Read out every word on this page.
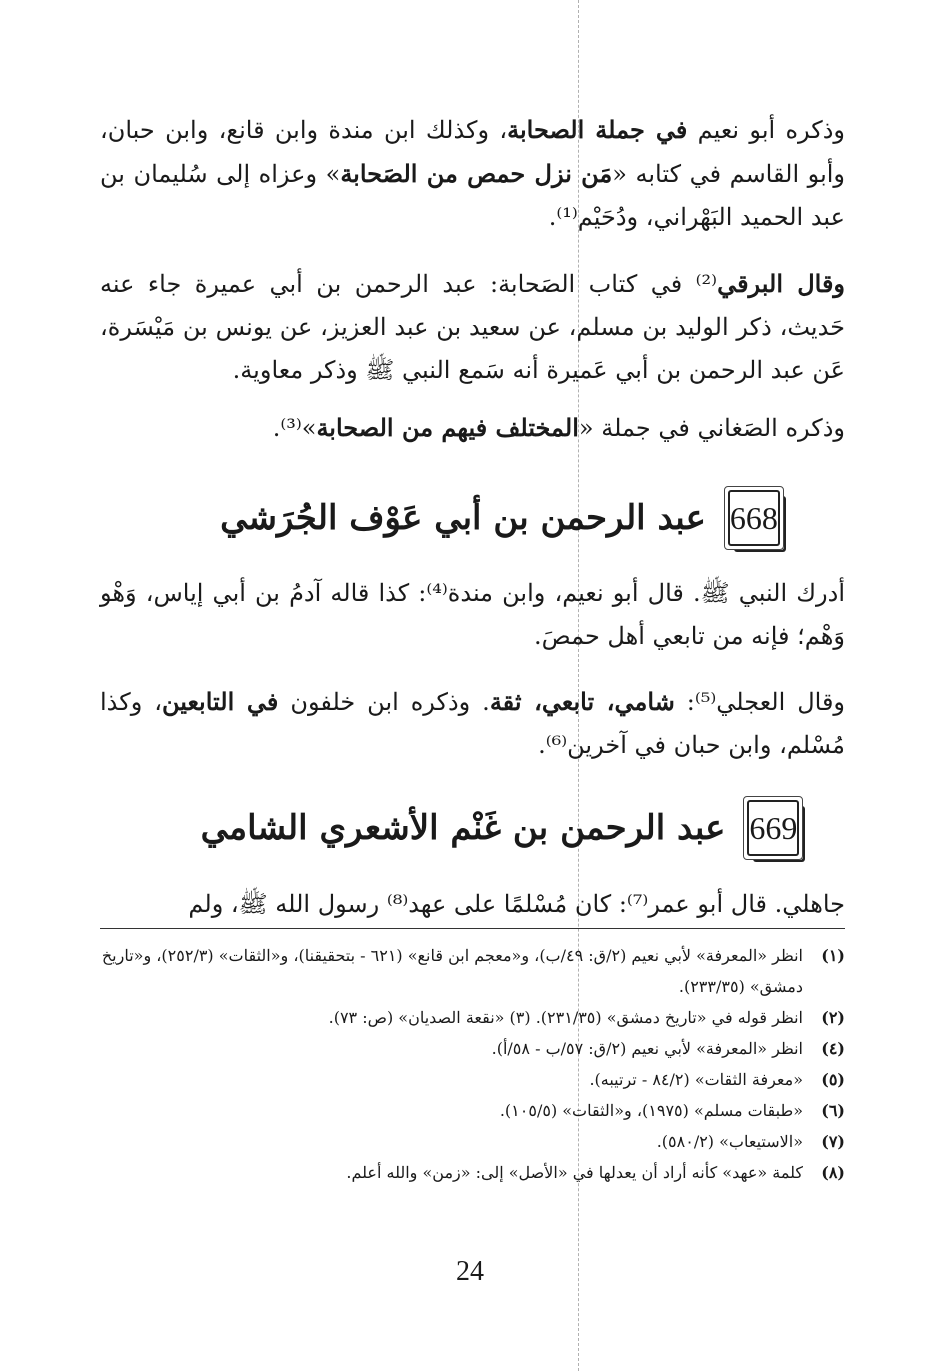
وذكره أبو نعيم في جملة الصحابة، وكذلك ابن مندة وابن قانع، وابن حبان، وأبو القاسم في كتابه «مَن نزل حمص من الصَحابة» وعزاه إلى سُليمان بن عبد الحميد البَهْراني، ودُحَيْم⁽¹⁾.

وقال البرقي⁽²⁾ في كتاب الصَحابة: عبد الرحمن بن أبي عميرة جاء عنه حَديث، ذكر الوليد بن مسلم، عن سعيد بن عبد العزيز، عن يونس بن مَيْسَرة، عَن عبد الرحمن بن أبي عَميرة أنه سَمع النبي ﷺ وذكر معاوية.

وذكره الصَغاني في جملة «المختلف فيهم من الصحابة»⁽³⁾.

668
عبد الرحمن بن أبي عَوْف الجُرَشي

أدرك النبي ﷺ. قال أبو نعيم، وابن مندة⁽⁴⁾: كذا قاله آدمُ بن أبي إياس، وَهْو وَهْم؛ فإنه من تابعي أهل حمصَ.

وقال العجلي⁽⁵⁾: شامي، تابعي، ثقة. وذكره ابن خلفون في التابعين، وكذا مُسْلم، وابن حبان في آخرين⁽⁶⁾.

669
عبد الرحمن بن غَنْم الأشعري الشامي

جاهلي. قال أبو عمر⁽⁷⁾: كان مُسْلمًا على عهد⁽⁸⁾ رسول الله ﷺ، ولم

(١)
انظر «المعرفة» لأبي نعيم (٢/ق: ٤٩/ب)، و«معجم ابن قانع» (٦٢١ - بتحقيقنا)، و«الثقات» (٢٥٢/٣)، و«تاريخ دمشق» (٢٣٣/٣٥).

(٢)
انظر قوله في «تاريخ دمشق» (٢٣١/٣٥). (٣) «نقعة الصديان» (ص: ٧٣).

(٤)
انظر «المعرفة» لأبي نعيم (٢/ق: ٥٧/ب - ٥٨/أ).

(٥)
«معرفة الثقات» (٨٤/٢ - ترتيبه).

(٦)
«طبقات مسلم» (١٩٧٥)، و«الثقات» (١٠٥/٥).

(٧)
«الاستيعاب» (٥٨٠/٢).

(٨)
كلمة «عهد» كأنه أراد أن يعدلها في «الأصل» إلى: «زمن» والله أعلم.

24
